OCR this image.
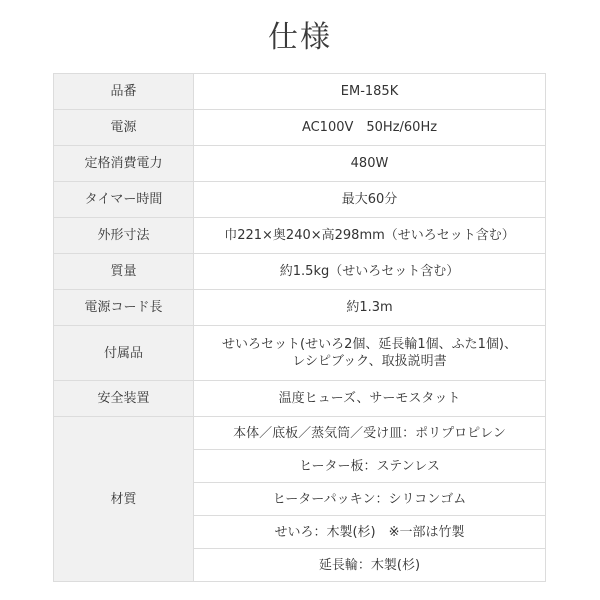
仕様
品番	EM-185K
電源	AC100V　50Hz/60Hz
定格消費電力	480W
タイマー時間	最大60分
外形寸法	巾221×奥240×高298mm（せいろセット含む）
質量	約1.5kg（せいろセット含む）
電源コード長	約1.3m
付属品	せいろセット(せいろ2個、延長輪1個、ふた1個)、
レシピブック、取扱説明書

安全装置	温度ヒューズ、サーモスタット
材質	本体／底板／蒸気筒／受け皿：ポリプロピレン
	ヒーター板：ステンレス
	ヒーターパッキン：シリコンゴム
	せいろ：木製(杉)　※一部は竹製
	延長輪：木製(杉)
